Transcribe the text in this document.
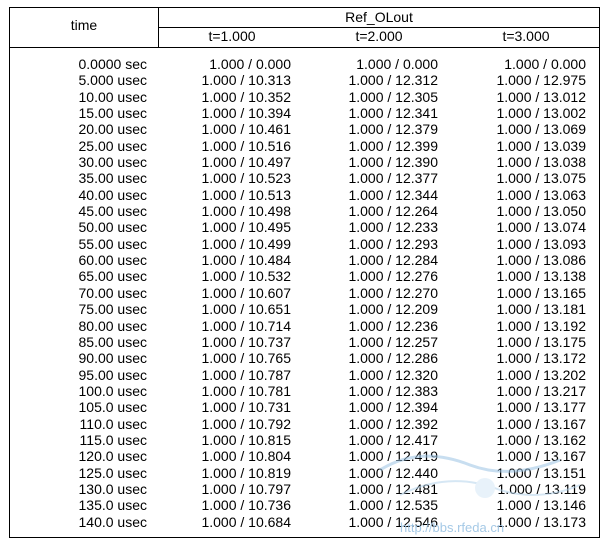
time	Ref_OLout
t=1.000	t=2.000	t=3.000
0.0000 sec	1.000 / 0.000	1.000 / 0.000	1.000 / 0.000
5.000 usec	1.000 / 10.313	1.000 / 12.312	1.000 / 12.975
10.00 usec	1.000 / 10.352	1.000 / 12.305	1.000 / 13.012
15.00 usec	1.000 / 10.394	1.000 / 12.341	1.000 / 13.002
20.00 usec	1.000 / 10.461	1.000 / 12.379	1.000 / 13.069
25.00 usec	1.000 / 10.516	1.000 / 12.399	1.000 / 13.039
30.00 usec	1.000 / 10.497	1.000 / 12.390	1.000 / 13.038
35.00 usec	1.000 / 10.523	1.000 / 12.377	1.000 / 13.075
40.00 usec	1.000 / 10.513	1.000 / 12.344	1.000 / 13.063
45.00 usec	1.000 / 10.498	1.000 / 12.264	1.000 / 13.050
50.00 usec	1.000 / 10.495	1.000 / 12.233	1.000 / 13.074
55.00 usec	1.000 / 10.499	1.000 / 12.293	1.000 / 13.093
60.00 usec	1.000 / 10.484	1.000 / 12.284	1.000 / 13.086
65.00 usec	1.000 / 10.532	1.000 / 12.276	1.000 / 13.138
70.00 usec	1.000 / 10.607	1.000 / 12.270	1.000 / 13.165
75.00 usec	1.000 / 10.651	1.000 / 12.209	1.000 / 13.181
80.00 usec	1.000 / 10.714	1.000 / 12.236	1.000 / 13.192
85.00 usec	1.000 / 10.737	1.000 / 12.257	1.000 / 13.175
90.00 usec	1.000 / 10.765	1.000 / 12.286	1.000 / 13.172
95.00 usec	1.000 / 10.787	1.000 / 12.320	1.000 / 13.202
100.0 usec	1.000 / 10.781	1.000 / 12.383	1.000 / 13.217
105.0 usec	1.000 / 10.731	1.000 / 12.394	1.000 / 13.177
110.0 usec	1.000 / 10.792	1.000 / 12.392	1.000 / 13.167
115.0 usec	1.000 / 10.815	1.000 / 12.417	1.000 / 13.162
120.0 usec	1.000 / 10.804	1.000 / 12.419	1.000 / 13.167
125.0 usec	1.000 / 10.819	1.000 / 12.440	1.000 / 13.151
130.0 usec	1.000 / 10.797	1.000 / 12.481	1.000 / 13.119
135.0 usec	1.000 / 10.736	1.000 / 12.535	1.000 / 13.146
140.0 usec	1.000 / 10.684	1.000 / 12.546	1.000 / 13.173
http://bbs.rfeda.cn
